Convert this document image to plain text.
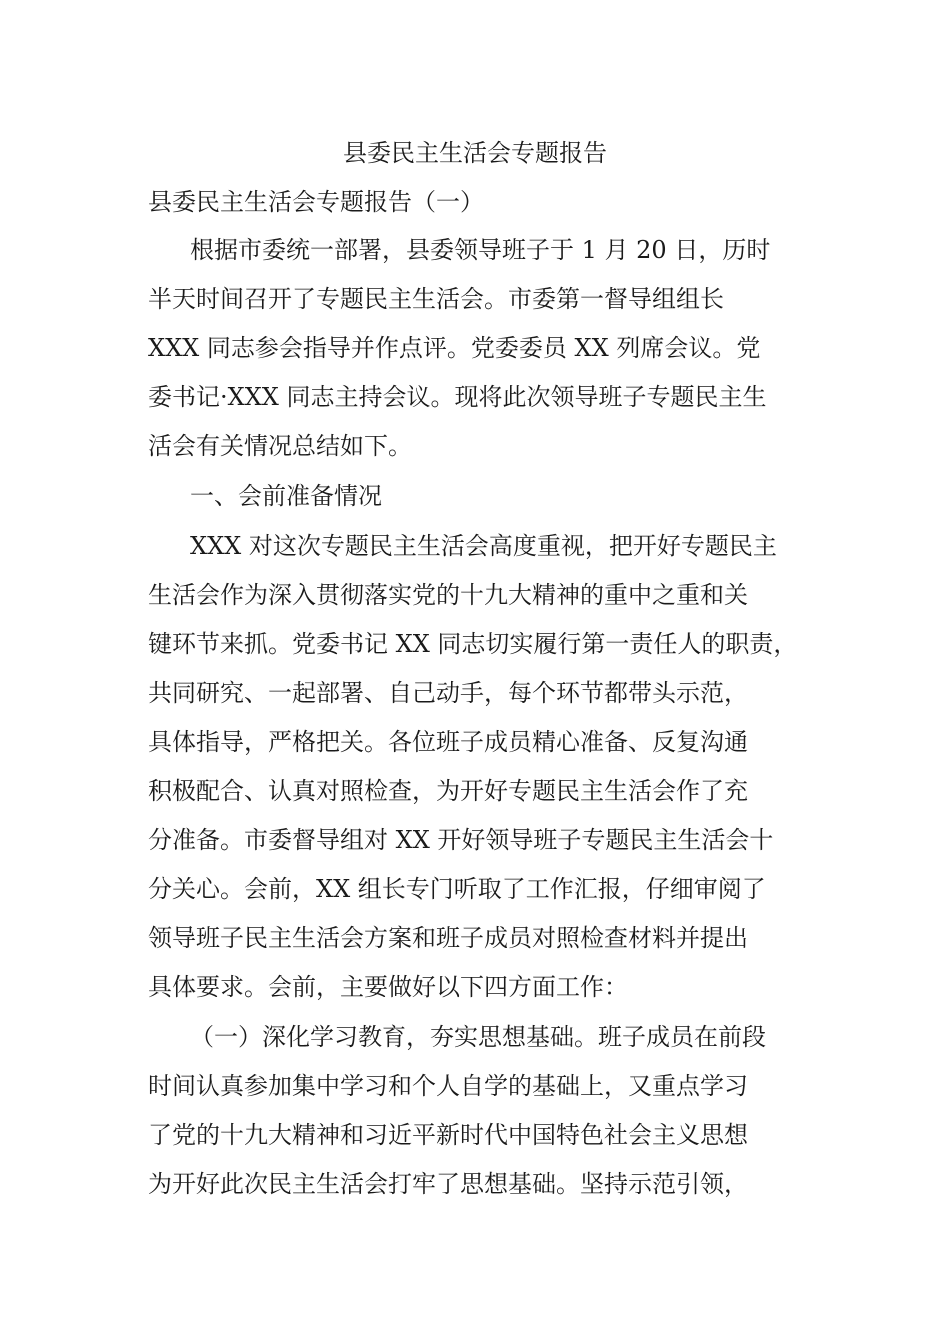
县委民主生活会专题报告

县委民主生活会专题报告（一）

根据市委统一部署，县委领导班子于 1 月 20 日，历时

半天时间召开了专题民主生活会。市委第一督导组组长

XXX 同志参会指导并作点评。党委委员 XX 列席会议。党

委书记·XXX 同志主持会议。现将此次领导班子专题民主生

活会有关情况总结如下。

一、会前准备情况

XXX 对这次专题民主生活会高度重视，把开好专题民主

生活会作为深入贯彻落实党的十九大精神的重中之重和关

键环节来抓。党委书记 XX 同志切实履行第一责任人的职责，

共同研究、一起部署、自己动手，每个环节都带头示范，

具体指导，严格把关。各位班子成员精心准备、反复沟通

积极配合、认真对照检查，为开好专题民主生活会作了充

分准备。市委督导组对 XX 开好领导班子专题民主生活会十

分关心。会前，XX 组长专门听取了工作汇报，仔细审阅了

领导班子民主生活会方案和班子成员对照检查材料并提出

具体要求。会前，主要做好以下四方面工作：

（一）深化学习教育，夯实思想基础。班子成员在前段

时间认真参加集中学习和个人自学的基础上，又重点学习

了党的十九大精神和习近平新时代中国特色社会主义思想

为开好此次民主生活会打牢了思想基础。坚持示范引领，
